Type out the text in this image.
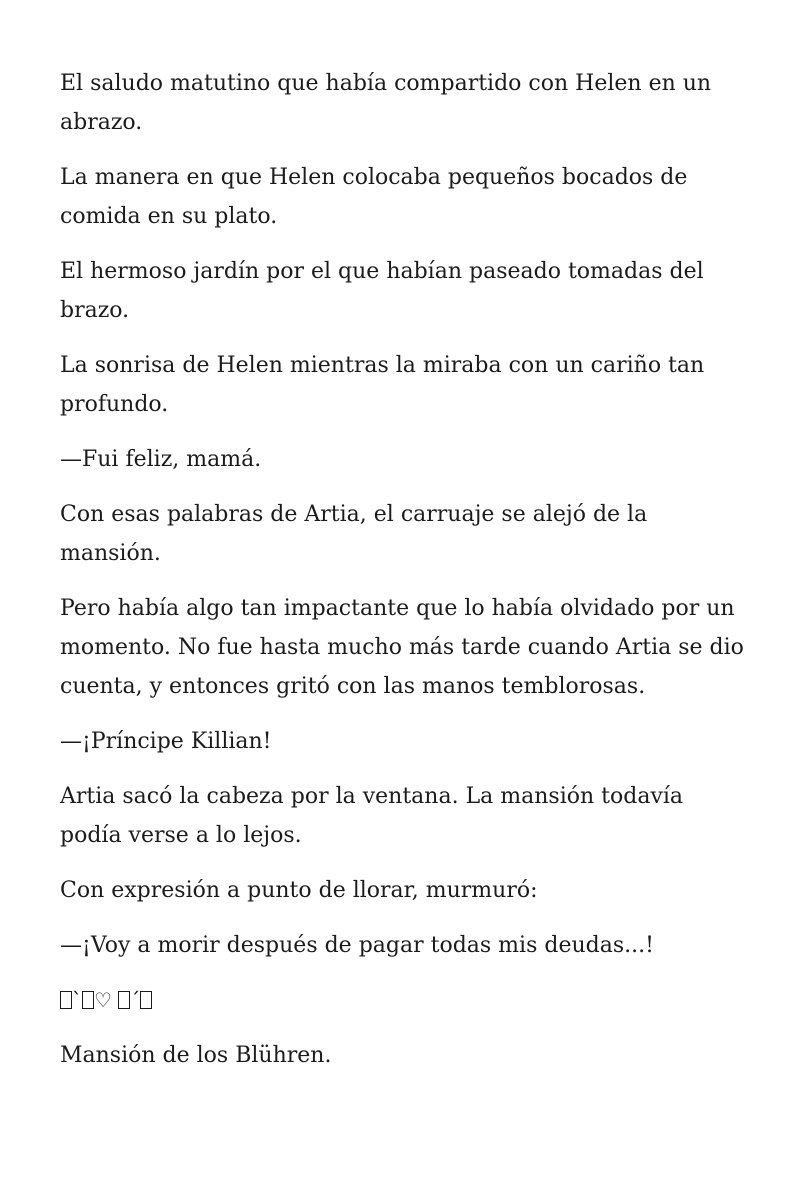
El saludo matutino que había compartido con Helen en un abrazo.

La manera en que Helen colocaba pequeños bocados de comida en su plato.

El hermoso jardín por el que habían paseado tomadas del brazo.

La sonrisa de Helen mientras la miraba con un cariño tan profundo.

—Fui feliz, mamá.

Con esas palabras de Artia, el carruaje se alejó de la mansión.

Pero había algo tan impactante que lo había olvidado por un momento. No fue hasta mucho más tarde cuando Artia se dio cuenta, y entonces gritó con las manos temblorosas.

—¡Príncipe Killian!

Artia sacó la cabeza por la ventana. La mansión todavía podía verse a lo lejos.

Con expresión a punto de llorar, murmuró:

—¡Voy a morir después de pagar todas mis deudas...!

` ♡ ´

Mansión de los Blühren.
